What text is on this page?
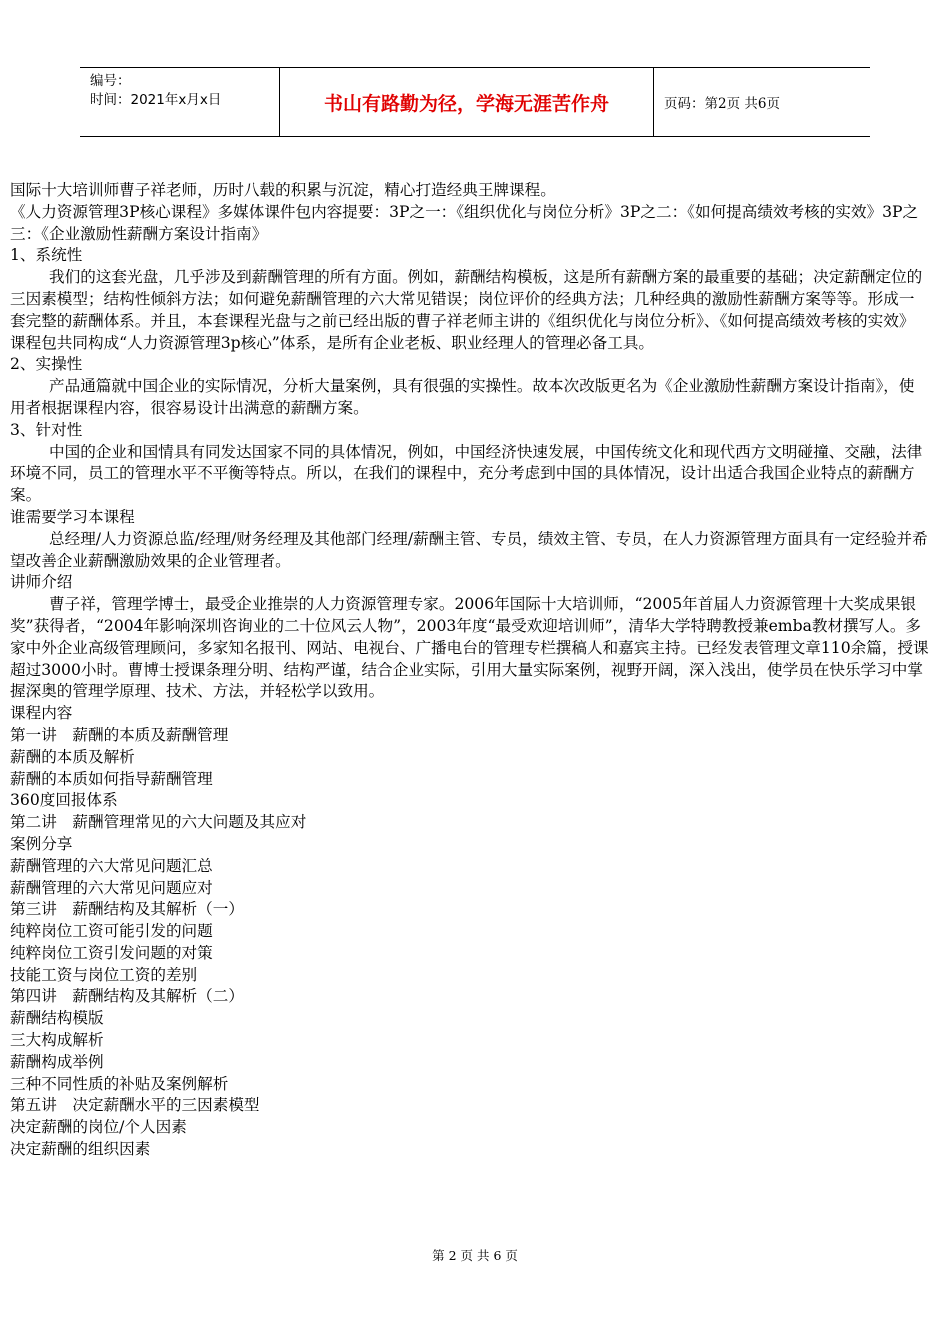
编号：
时间：2021年x月x日	书山有路勤为径，学海无涯苦作舟	页码：第2页 共6页

国际十大培训师曹子祥老师，历时八载的积累与沉淀，精心打造经典王牌课程。

《人力资源管理3P核心课程》多媒体课件包内容提要：3P之一：《组织优化与岗位分析》3P之二：《如何提高绩效考核的实效》3P之三：《企业激励性薪酬方案设计指南》

1、系统性

我们的这套光盘，几乎涉及到薪酬管理的所有方面。例如，薪酬结构模板，这是所有薪酬方案的最重要的基础；决定薪酬定位的三因素模型；结构性倾斜方法；如何避免薪酬管理的六大常见错误；岗位评价的经典方法；几种经典的激励性薪酬方案等等。形成一套完整的薪酬体系。并且，本套课程光盘与之前已经出版的曹子祥老师主讲的《组织优化与岗位分析》、《如何提高绩效考核的实效》课程包共同构成“人力资源管理3p核心”体系，是所有企业老板、职业经理人的管理必备工具。

2、实操性

产品通篇就中国企业的实际情况，分析大量案例，具有很强的实操性。故本次改版更名为《企业激励性薪酬方案设计指南》，使用者根据课程内容，很容易设计出满意的薪酬方案。

3、针对性

中国的企业和国情具有同发达国家不同的具体情况，例如，中国经济快速发展，中国传统文化和现代西方文明碰撞、交融，法律环境不同，员工的管理水平不平衡等特点。所以，在我们的课程中，充分考虑到中国的具体情况，设计出适合我国企业特点的薪酬方案。

谁需要学习本课程

总经理/人力资源总监/经理/财务经理及其他部门经理/薪酬主管、专员，绩效主管、专员，在人力资源管理方面具有一定经验并希望改善企业薪酬激励效果的企业管理者。

讲师介绍

曹子祥，管理学博士，最受企业推崇的人力资源管理专家。2006年国际十大培训师，“2005年首届人力资源管理十大奖成果银奖”获得者，“2004年影响深圳咨询业的二十位风云人物”，2003年度“最受欢迎培训师”，清华大学特聘教授兼emba教材撰写人。多家中外企业高级管理顾问，多家知名报刊、网站、电视台、广播电台的管理专栏撰稿人和嘉宾主持。已经发表管理文章110余篇，授课超过3000小时。曹博士授课条理分明、结构严谨，结合企业实际，引用大量实际案例，视野开阔，深入浅出，使学员在快乐学习中掌握深奥的管理学原理、技术、方法，并轻松学以致用。

课程内容

第一讲　薪酬的本质及薪酬管理

薪酬的本质及解析

薪酬的本质如何指导薪酬管理

360度回报体系

第二讲　薪酬管理常见的六大问题及其应对

案例分享

薪酬管理的六大常见问题汇总

薪酬管理的六大常见问题应对

第三讲　薪酬结构及其解析（一）

纯粹岗位工资可能引发的问题

纯粹岗位工资引发问题的对策

技能工资与岗位工资的差别

第四讲　薪酬结构及其解析（二）

薪酬结构模版

三大构成解析

薪酬构成举例

三种不同性质的补贴及案例解析

第五讲　决定薪酬水平的三因素模型

决定薪酬的岗位/个人因素

决定薪酬的组织因素

第 2 页 共 6 页
